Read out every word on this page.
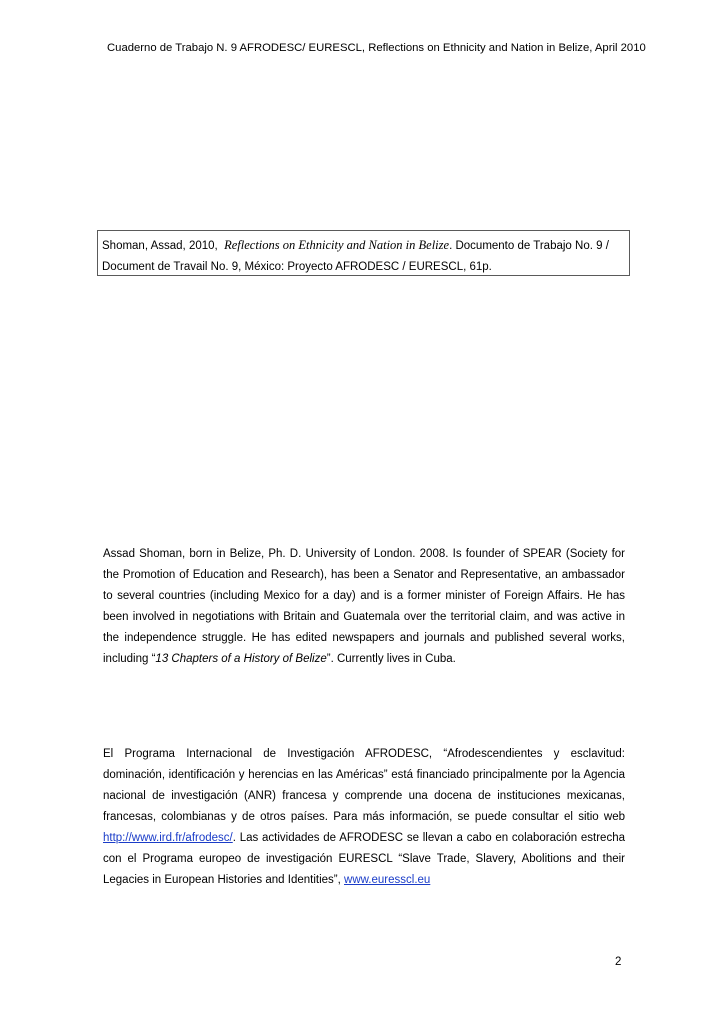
Cuaderno de Trabajo N. 9 AFRODESC/ EURESCL, Reflections on Ethnicity and Nation in Belize, April 2010
Shoman, Assad, 2010, Reflections on Ethnicity and Nation in Belize. Documento de Trabajo No. 9 / Document de Travail No. 9, México: Proyecto AFRODESC / EURESCL, 61p.
Assad Shoman, born in Belize, Ph. D. University of London. 2008. Is founder of SPEAR (Society for the Promotion of Education and Research), has been a Senator and Representative, an ambassador to several countries (including Mexico for a day) and is a former minister of Foreign Affairs. He has been involved in negotiations with Britain and Guatemala over the territorial claim, and was active in the independence struggle. He has edited newspapers and journals and published several works, including “13 Chapters of a History of Belize”. Currently lives in Cuba.
El Programa Internacional de Investigación AFRODESC, “Afrodescendientes y esclavitud: dominación, identificación y herencias en las Américas” está financiado principalmente por la Agencia nacional de investigación (ANR) francesa y comprende una docena de instituciones mexicanas, francesas, colombianas y de otros países. Para más información, se puede consultar el sitio web http://www.ird.fr/afrodesc/. Las actividades de AFRODESC se llevan a cabo en colaboración estrecha con el Programa europeo de investigación EURESCL “Slave Trade, Slavery, Abolitions and their Legacies in European Histories and Identities”, www.euresscl.eu
2
